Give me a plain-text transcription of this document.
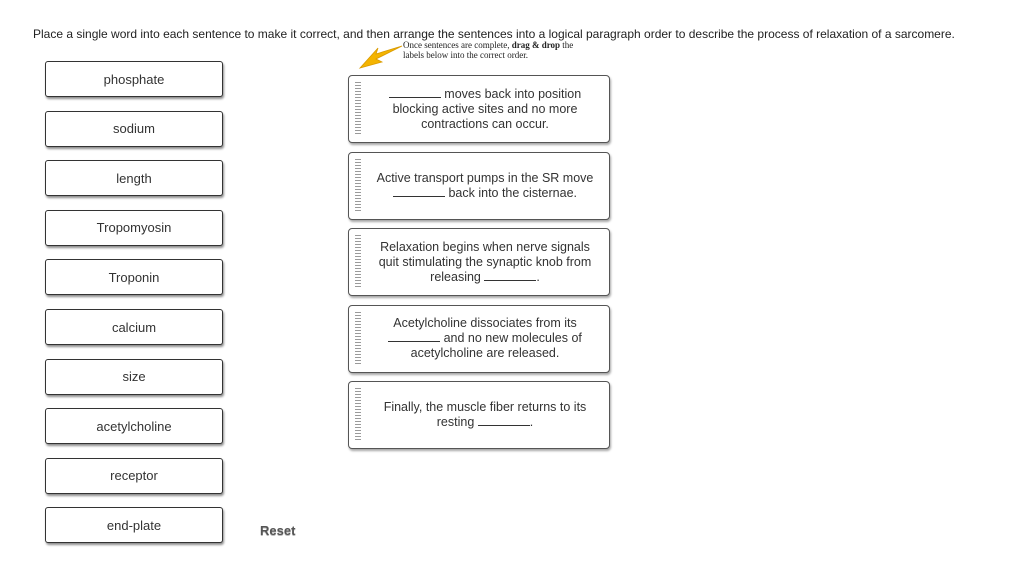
Place a single word into each sentence to make it correct, and then arrange the sentences into a logical paragraph order to describe the process of relaxation of a sarcomere.
Once sentences are complete, drag & drop the
labels below into the correct order.
phosphate
sodium
length
Tropomyosin
Troponin
calcium
size
acetylcholine
receptor
end-plate
moves back into position blocking active sites and no more contractions can occur.
Active transport pumps in the SR move  back into the cisternae.
Relaxation begins when nerve signals quit stimulating the synaptic knob from releasing	.
Acetylcholine dissociates from its  and no new molecules of acetylcholine are released.
Finally, the muscle fiber returns to its resting	.
Reset
